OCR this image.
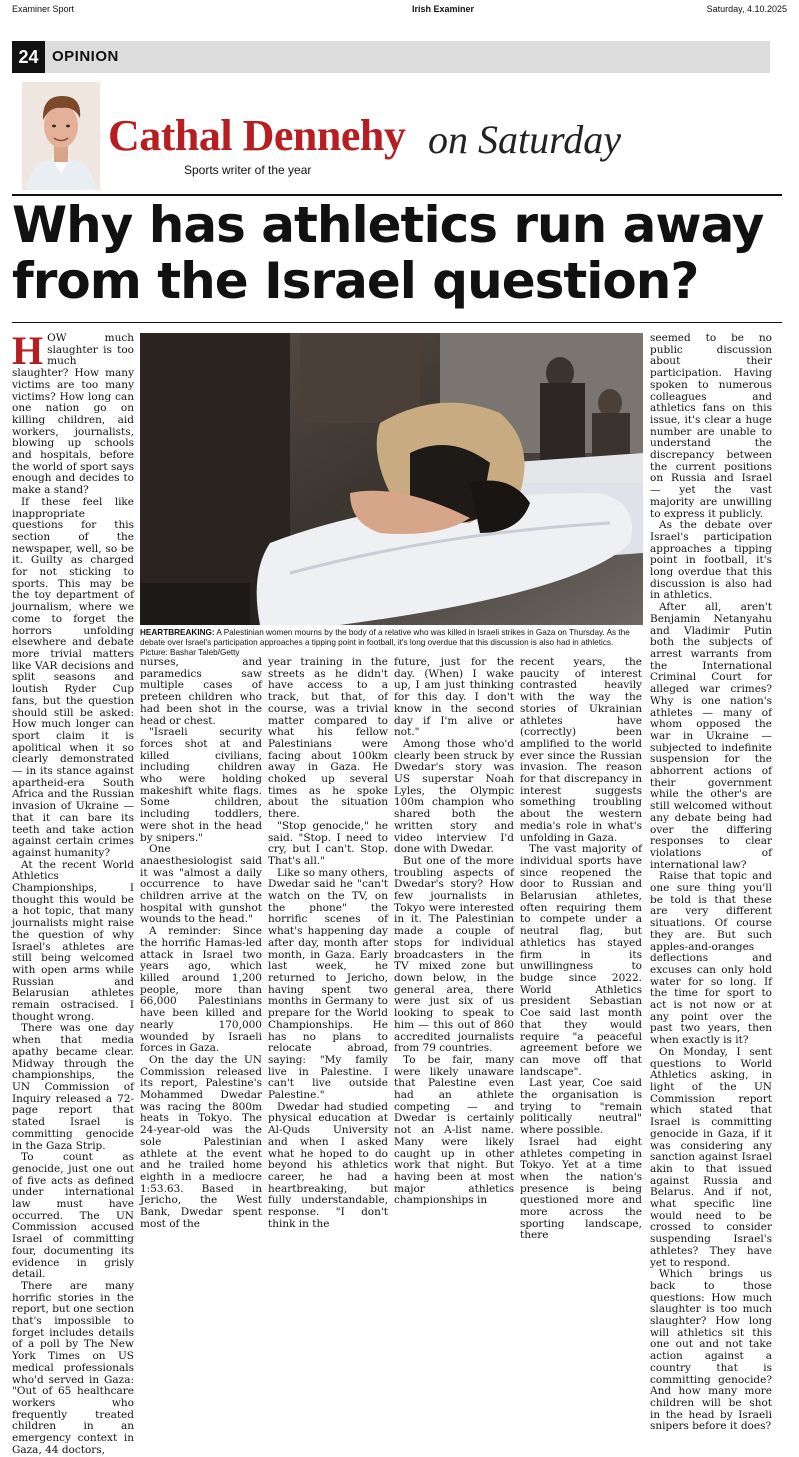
Examiner Sport	Irish Examiner	Saturday, 4.10.2025
24 OPINION
Cathal Dennehy on Saturday
Sports writer of the year
Why has athletics run away from the Israel question?
HEARTBREAKING: A Palestinian women mourns by the body of a relative who was killed in Israeli strikes in Gaza on Thursday. As the debate over Israel's participation approaches a tipping point in football, it's long overdue that this discussion is also had in athletics. Picture: Bashar Taleb/Getty

HOW much slaughter is too much slaughter? How many victims are too many victims? How long can one nation go on killing children, aid workers, journalists, blowing up schools and hospitals, before the world of sport says enough and decides to make a stand?

If these feel like inappropriate questions for this section of the newspaper, well, so be it. Guilty as charged for not sticking to sports. This may be the toy department of journalism, where we come to forget the horrors unfolding elsewhere and debate more trivial matters like VAR decisions and split seasons and loutish Ryder Cup fans, but the question should still be asked: How much longer can sport claim it is apolitical when it so clearly demonstrated — in its stance against apartheid-era South Africa and the Russian invasion of Ukraine — that it can bare its teeth and take action against certain crimes against humanity?

At the recent World Athletics Championships, I thought this would be a hot topic, that many journalists might raise the question of why Israel's athletes are still being welcomed with open arms while Russian and Belarusian athletes remain ostracised. I thought wrong.

There was one day when that media apathy became clear. Midway through the championships, the UN Commission of Inquiry released a 72-page report that stated Israel is committing genocide in the Gaza Strip.

To count as genocide, just one out of five acts as defined under international law must have occurred. The UN Commission accused Israel of committing four, documenting its evidence in grisly detail.

There are many horrific stories in the report, but one section that's impossible to forget includes details of a poll by The New York Times on US medical professionals who'd served in Gaza: "Out of 65 healthcare workers who frequently treated children in an emergency context in Gaza, 44 doctors,

nurses, and paramedics saw multiple cases of preteen children who had been shot in the head or chest.

"Israeli security forces shot at and killed civilians, including children who were holding makeshift white flags. Some children, including toddlers, were shot in the head by snipers."

One anaesthesiologist said it was "almost a daily occurrence to have children arrive at the hospital with gunshot wounds to the head."

A reminder: Since the horrific Hamas-led attack in Israel two years ago, which killed around 1,200 people, more than 66,000 Palestinians have been killed and nearly 170,000 wounded by Israeli forces in Gaza.

On the day the UN Commission released its report, Palestine's Mohammed Dwedar was racing the 800m heats in Tokyo. The 24-year-old was the sole Palestinian athlete at the event and he trailed home eighth in a mediocre 1:53.63. Based in Jericho, the West Bank, Dwedar spent most of the

year training in the streets as he didn't have access to a track, but that, of course, was a trivial matter compared to what his fellow Palestinians were facing about 100km away in Gaza. He choked up several times as he spoke about the situation there.

"Stop genocide," he said. "Stop. I need to cry, but I can't. Stop. That's all."

Like so many others, Dwedar said he "can't watch on the TV, on the phone" the horrific scenes of what's happening day after day, month after month, in Gaza. Early last week, he returned to Jericho, having spent two months in Germany to prepare for the World Championships. He has no plans to relocate abroad, saying: "My family live in Palestine. I can't live outside Palestine."

Dwedar had studied physical education at Al-Quds University and when I asked what he hoped to do beyond his athletics career, he had a heartbreaking, but fully understandable, response. "I don't think in the

future, just for the day. (When) I wake up, I am just thinking for this day. I don't know in the second day if I'm alive or not."

Among those who'd clearly been struck by Dwedar's story was US superstar Noah Lyles, the Olympic 100m champion who shared both the written story and video interview I'd done with Dwedar.

But one of the more troubling aspects of Dwedar's story? How few journalists in Tokyo were interested in it. The Palestinian made a couple of stops for individual broadcasters in the TV mixed zone but down below, in the general area, there were just six of us looking to speak to him — this out of 860 accredited journalists from 79 countries.

To be fair, many were likely unaware that Palestine even had an athlete competing — and Dwedar is certainly not an A-list name. Many were likely caught up in other work that night. But having been at most major athletics championships in

recent years, the paucity of interest contrasted heavily with the way the stories of Ukrainian athletes have (correctly) been amplified to the world ever since the Russian invasion. The reason for that discrepancy in interest suggests something troubling about the western media's role in what's unfolding in Gaza.

The vast majority of individual sports have since reopened the door to Russian and Belarusian athletes, often requiring them to compete under a neutral flag, but athletics has stayed firm in its unwillingness to budge since 2022. World Athletics president Sebastian Coe said last month that they would require "a peaceful agreement before we can move off that landscape".

Last year, Coe said the organisation is trying to "remain politically neutral" where possible.

Israel had eight athletes competing in Tokyo. Yet at a time when the nation's presence is being questioned more and more across the sporting landscape, there

seemed to be no public discussion about their participation. Having spoken to numerous colleagues and athletics fans on this issue, it's clear a huge number are unable to understand the discrepancy between the current positions on Russia and Israel — yet the vast majority are unwilling to express it publicly.

As the debate over Israel's participation approaches a tipping point in football, it's long overdue that this discussion is also had in athletics.

After all, aren't Benjamin Netanyahu and Vladimir Putin both the subjects of arrest warrants from the International Criminal Court for alleged war crimes? Why is one nation's athletes — many of whom opposed the war in Ukraine — subjected to indefinite suspension for the abhorrent actions of their government while the other's are still welcomed without any debate being had over the differing responses to clear violations of international law?

Raise that topic and one sure thing you'll be told is that these are very different situations. Of course they are. But such apples-and-oranges deflections and excuses can only hold water for so long. If the time for sport to act is not now or at any point over the past two years, then when exactly is it?

On Monday, I sent questions to World Athletics asking, in light of the UN Commission report which stated that Israel is committing genocide in Gaza, if it was considering any sanction against Israel akin to that issued against Russia and Belarus. And if not, what specific line would need to be crossed to consider suspending Israel's athletes? They have yet to respond.

Which brings us back to those questions: How much slaughter is too much slaughter? How long will athletics sit this one out and not take action against a country that is committing genocide? And how many more children will be shot in the head by Israeli snipers before it does?
